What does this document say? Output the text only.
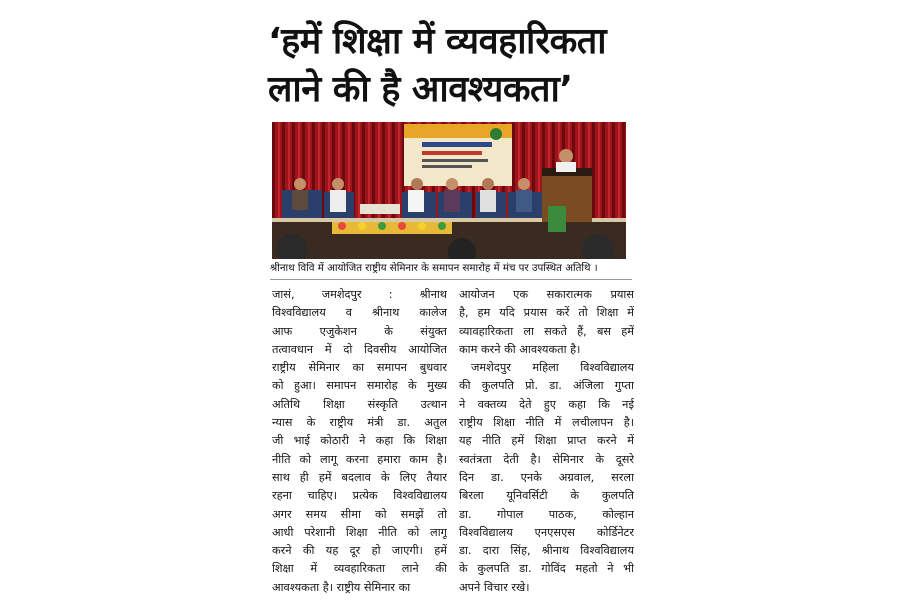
‘हमें शिक्षा में व्यवहारिकता
लाने की है आवश्यकता’
श्रीनाथ विवि में आयोजित राष्ट्रीय सेमिनार के समापन समारोह में मंच पर उपस्थित अतिथि ।
जासं, जमशेदपुर : श्रीनाथ
विश्वविद्यालय व श्रीनाथ कालेज
आफ एजुकेशन के संयुक्त
तत्वावधान में दो दिवसीय आयोजित
राष्ट्रीय सेमिनार का समापन बुधवार
को हुआ। समापन समारोह के मुख्य
अतिथि शिक्षा संस्कृति उत्थान
न्यास के राष्ट्रीय मंत्री डा. अतुल
जी भाई कोठारी ने कहा कि शिक्षा
नीति को लागू करना हमारा काम है।
साथ ही हमें बदलाव के लिए तैयार
रहना चाहिए। प्रत्येक विश्वविद्यालय
अगर समय सीमा को समझें तो
आधी परेशानी शिक्षा नीति को लागू
करने की यह दूर हो जाएगी। हमें
शिक्षा में व्यवहारिकता लाने की
आवश्यकता है। राष्ट्रीय सेमिनार का
आयोजन एक सकारात्मक प्रयास
है, हम यदि प्रयास करें तो शिक्षा में
व्यावहारिकता ला सकते हैं, बस हमें
काम करने की आवश्यकता है।
जमशेदपुर महिला विश्वविद्यालय
की कुलपति प्रो. डा. अंजिला गुप्ता
ने वक्तव्य देते हुए कहा कि नई
राष्ट्रीय शिक्षा नीति में लचीलापन है।
यह नीति हमें शिक्षा प्राप्त करने में
स्वतंत्रता देती है। सेमिनार के दूसरे
दिन डा. एनके अग्रवाल, सरला
बिरला यूनिवर्सिटी के कुलपति
डा. गोपाल पाठक, कोल्हान
विश्वविद्यालय एनएसएस कोर्डिनेटर
डा. दारा सिंह, श्रीनाथ विश्वविद्यालय
के कुलपति डा. गोविंद महतो ने भी
अपने विचार रखे।
